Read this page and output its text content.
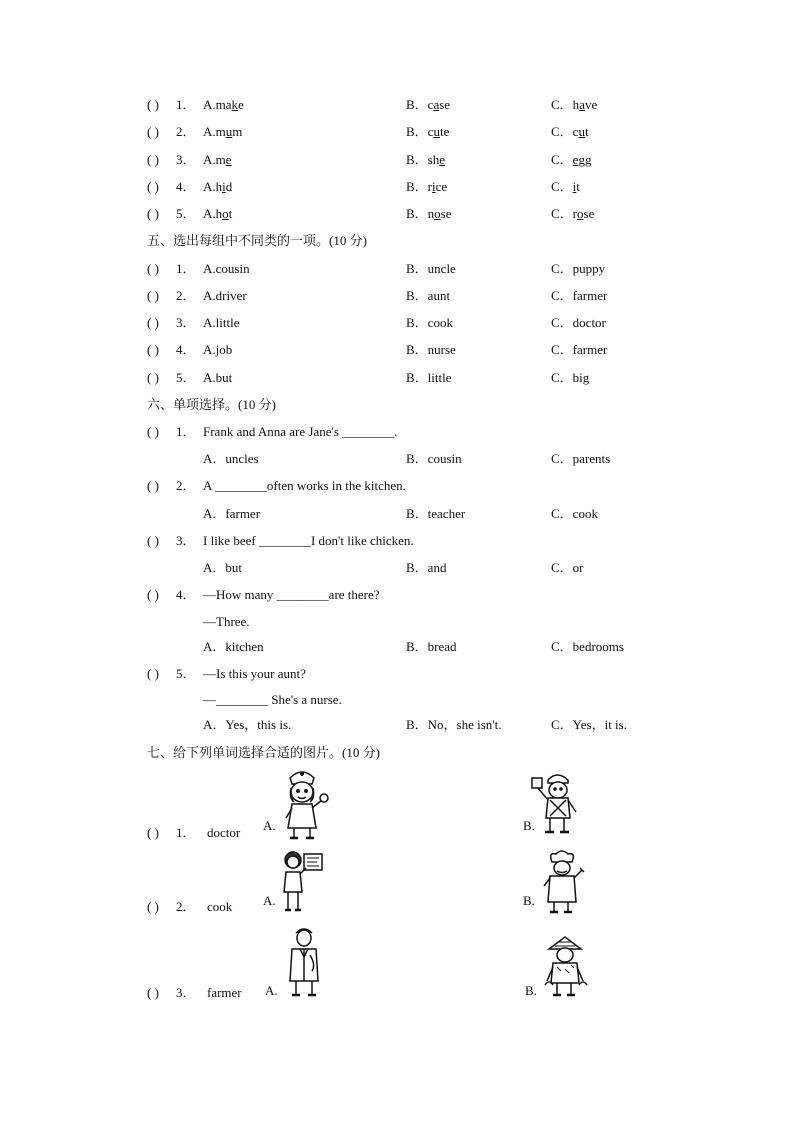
( ) 1． A.make	B．case	C．have
( ) 2． A.mum	B．cute	C．cut
( ) 3． A.me	B．she	C．egg
( ) 4． A.hid	B．rice	C．it
( ) 5． A.hot	B．nose	C．rose
五、选出每组中不同类的一项。(10 分)
( ) 1． A.cousin	B．uncle	C．puppy
( ) 2． A.driver	B．aunt	C．farmer
( ) 3． A.little	B．cook	C．doctor
( ) 4． A.job	B．nurse	C．farmer
( ) 5． A.but	B．little	C．big
六、单项选择。(10 分)
( ) 1． Frank and Anna are Jane's ________.
A．uncles	B．cousin	C．parents
( ) 2． A ________often works in the kitchen.
A．farmer	B．teacher	C．cook
( ) 3． I like beef ________I don't like chicken.
A．but	B．and	C．or
( ) 4． —How many ________are there?
—Three.
A．kitchen	B．bread	C．bedrooms
( ) 5． —Is this your aunt?
—________ She's a nurse.
A．Yes，this is.	B．No，she isn't.	C．Yes，it is.
七、给下列单词选择合适的图片。(10 分)
( ) 1． doctor A.	B.
( ) 2． cook A.	B.
( ) 3． farmer A.	B.
